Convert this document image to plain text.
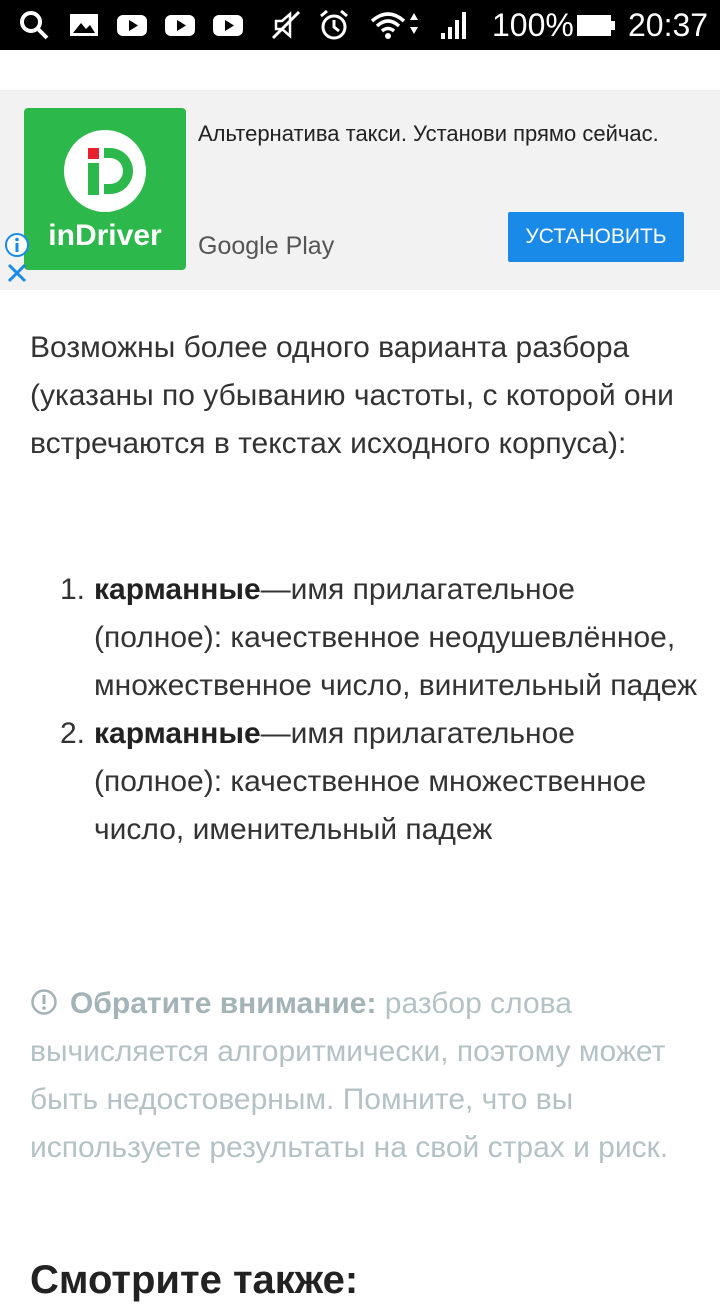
100% 20:37
inDriver
Альтернатива такси. Установи прямо сейчас.
Google Play	УСТАНОВИТЬ
Возможны более одного варианта разбора (указаны по убыванию частоты, с которой они встречаются в текстах исходного корпуса):
1. карманные—имя прилагательное (полное): качественное неодушевлённое, множественное число, винительный падеж
2. карманные—имя прилагательное (полное): качественное множественное число, именительный падеж
Обратите внимание: разбор слова вычисляется алгоритмически, поэтому может быть недостоверным. Помните, что вы используете результаты на свой страх и риск.
Смотрите также:
